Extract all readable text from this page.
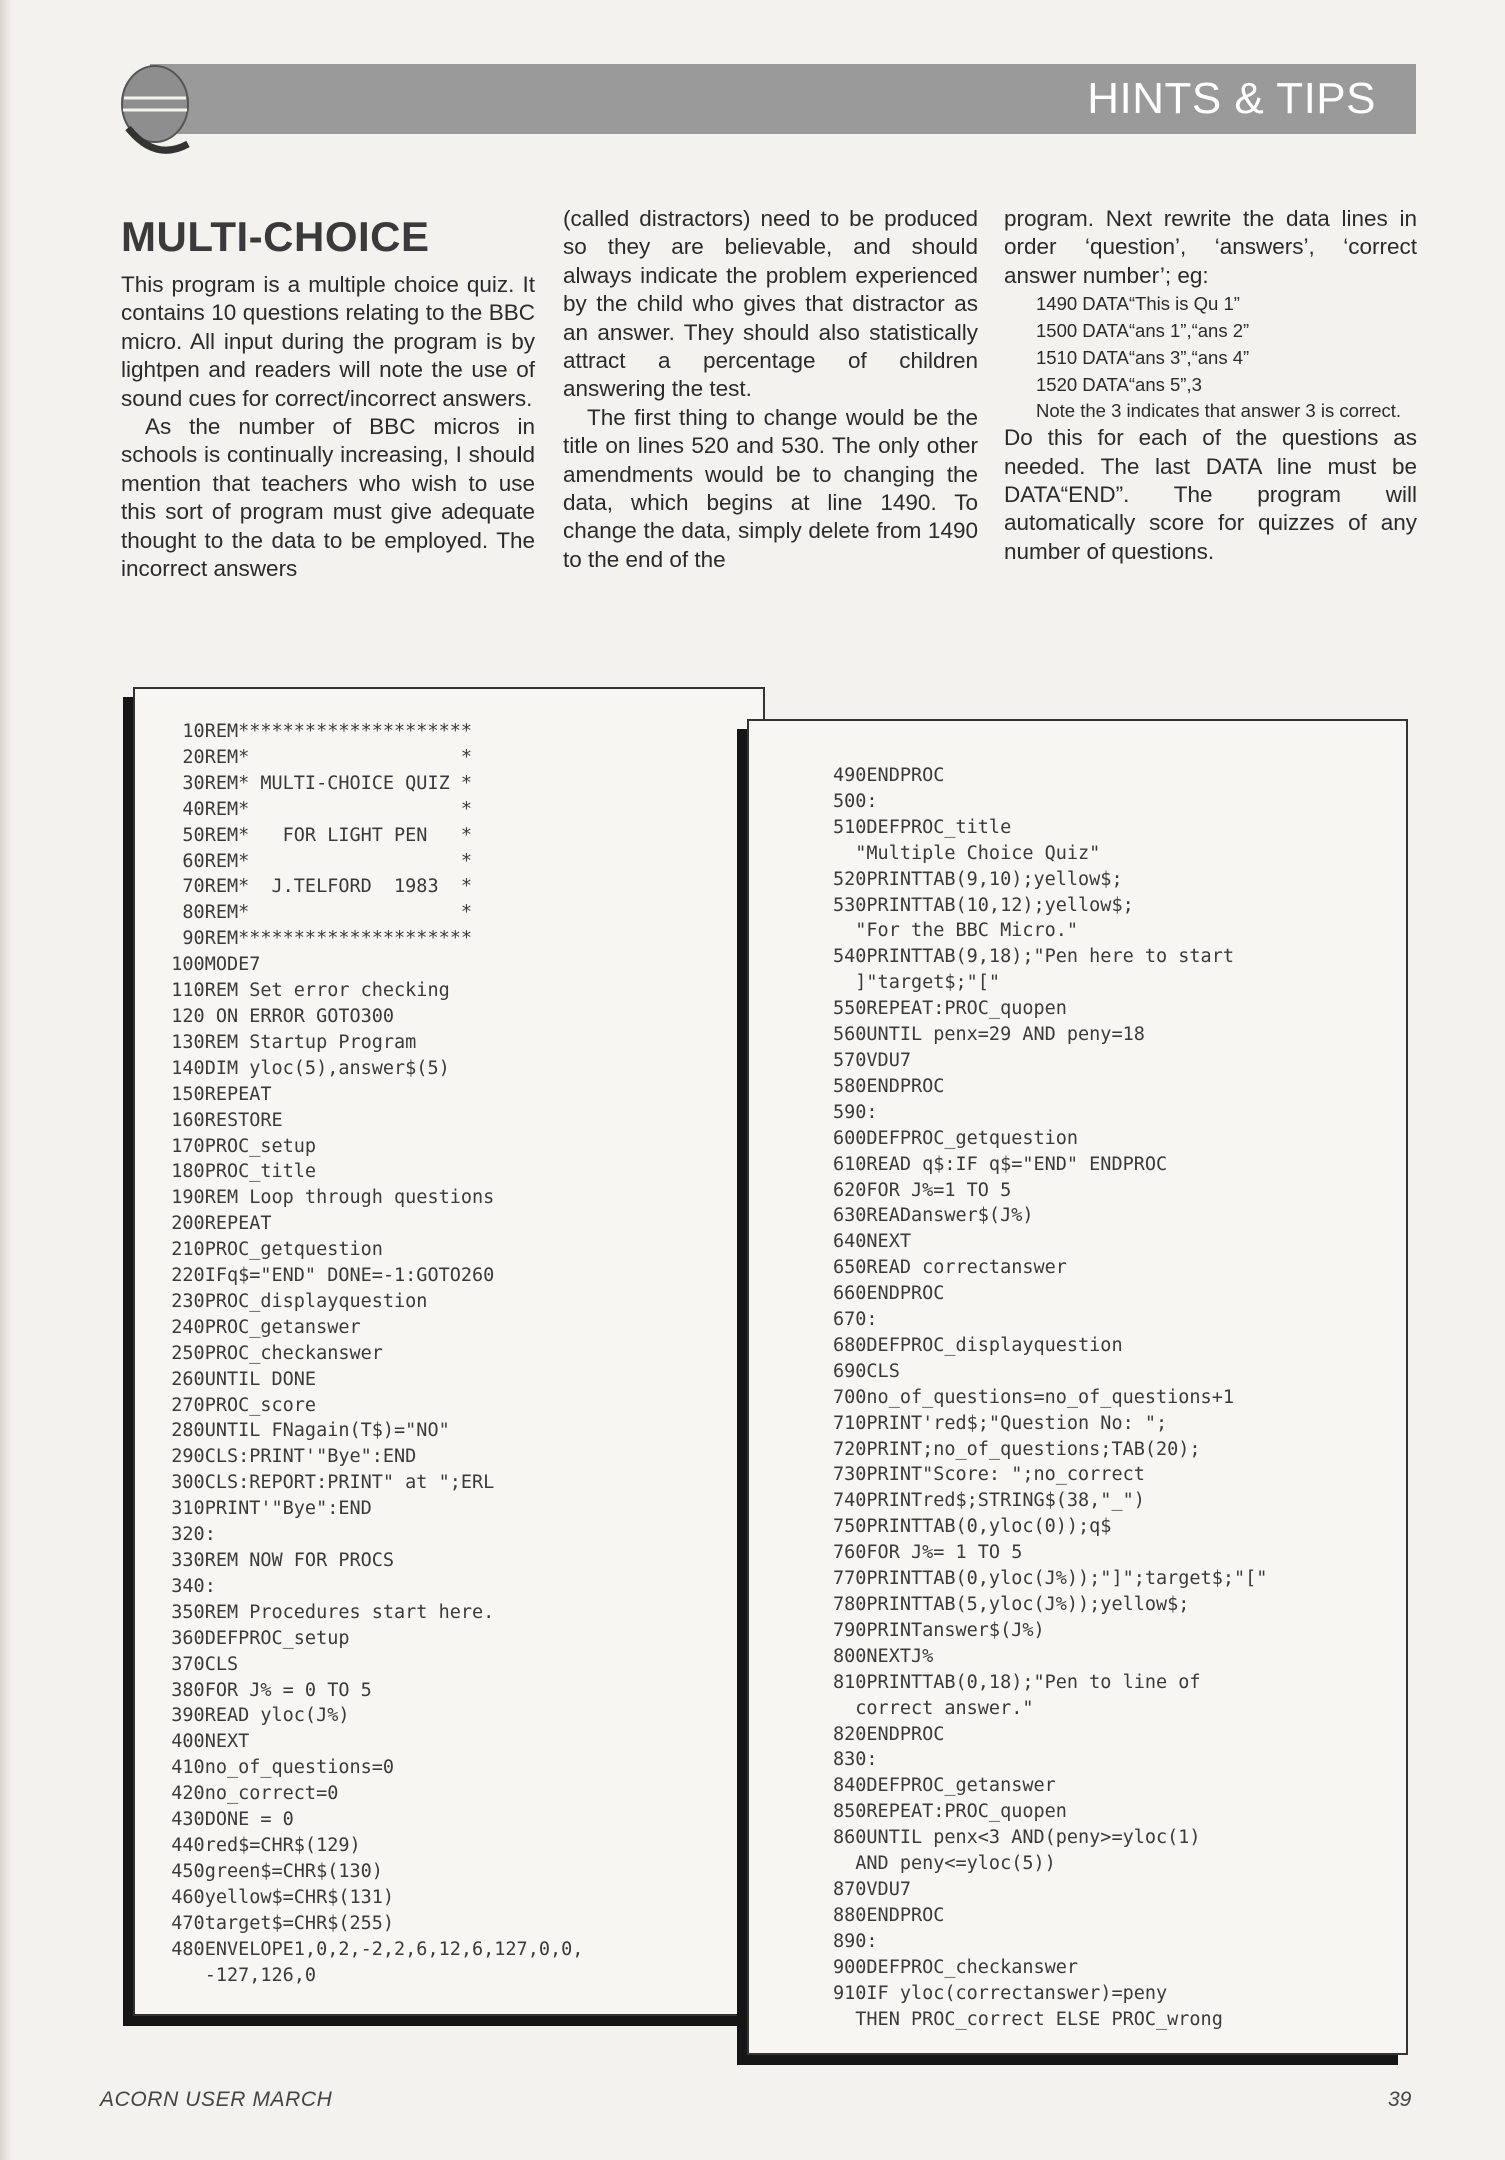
HINTS & TIPS
MULTI-CHOICE

This program is a multiple choice quiz. It contains 10 questions relating to the BBC micro. All input during the program is by lightpen and readers will note the use of sound cues for correct/incorrect answers.

As the number of BBC micros in schools is continually increasing, I should mention that teachers who wish to use this sort of program must give adequate thought to the data to be employed. The incorrect answers

(called distractors) need to be produced so they are believable, and should always indicate the problem experienced by the child who gives that distractor as an answer. They should also statistically attract a percentage of children answering the test.

The first thing to change would be the title on lines 520 and 530. The only other amendments would be to changing the data, which begins at line 1490. To change the data, simply delete from 1490 to the end of the

program. Next rewrite the data lines in order ‘question’, ‘answers’, ‘correct answer number’; eg:

1490 DATA“This is Qu 1”
1500 DATA“ans 1”,“ans 2”
1510 DATA“ans 3”,“ans 4”
1520 DATA“ans 5”,3

Note the 3 indicates that answer 3 is correct.

Do this for each of the questions as needed. The last DATA line must be DATA“END”. The program will automatically score for quizzes of any number of questions.

10REM*********************
20REM*                   *
30REM* MULTI-CHOICE QUIZ *
40REM*                   *
50REM*   FOR LIGHT PEN   *
60REM*                   *
70REM*  J.TELFORD  1983  *
80REM*                   *
90REM*********************
100MODE7
110REM Set error checking
120 ON ERROR GOTO300
130REM Startup Program
140DIM yloc(5),answer$(5)
150REPEAT
160RESTORE
170PROC_setup
180PROC_title
190REM Loop through questions
200REPEAT
210PROC_getquestion
220IFq$="END" DONE=-1:GOTO260
230PROC_displayquestion
240PROC_getanswer
250PROC_checkanswer
260UNTIL DONE
270PROC_score
280UNTIL FNagain(T$)="NO"
290CLS:PRINT'"Bye":END
300CLS:REPORT:PRINT" at ";ERL
310PRINT'"Bye":END
320:
330REM NOW FOR PROCS
340:
350REM Procedures start here.
360DEFPROC_setup
370CLS
380FOR J% = 0 TO 5
390READ yloc(J%)
400NEXT
410no_of_questions=0
420no_correct=0
430DONE = 0
440red$=CHR$(129)
450green$=CHR$(130)
460yellow$=CHR$(131)
470target$=CHR$(255)
480ENVELOPE1,0,2,-2,2,6,12,6,127,0,0,
-127,126,0
490ENDPROC
500:
510DEFPROC_title
"Multiple Choice Quiz"
520PRINTTAB(9,10);yellow$;
530PRINTTAB(10,12);yellow$;
"For the BBC Micro."
540PRINTTAB(9,18);"Pen here to start
]"target$;"["
550REPEAT:PROC_quopen
560UNTIL penx=29 AND peny=18
570VDU7
580ENDPROC
590:
600DEFPROC_getquestion
610READ q$:IF q$="END" ENDPROC
620FOR J%=1 TO 5
630READanswer$(J%)
640NEXT
650READ correctanswer
660ENDPROC
670:
680DEFPROC_displayquestion
690CLS
700no_of_questions=no_of_questions+1
710PRINT'red$;"Question No: ";
720PRINT;no_of_questions;TAB(20);
730PRINT"Score: ";no_correct
740PRINTred$;STRING$(38,"_")
750PRINTTAB(0,yloc(0));q$
760FOR J%= 1 TO 5
770PRINTTAB(0,yloc(J%));"]";target$;"["
780PRINTTAB(5,yloc(J%));yellow$;
790PRINTanswer$(J%)
800NEXTJ%
810PRINTTAB(0,18);"Pen to line of
correct answer."
820ENDPROC
830:
840DEFPROC_getanswer
850REPEAT:PROC_quopen
860UNTIL penx<3 AND(peny>=yloc(1)
AND peny<=yloc(5))
870VDU7
880ENDPROC
890:
900DEFPROC_checkanswer
910IF yloc(correctanswer)=peny
THEN PROC_correct ELSE PROC_wrong
ACORN USER MARCH	39
